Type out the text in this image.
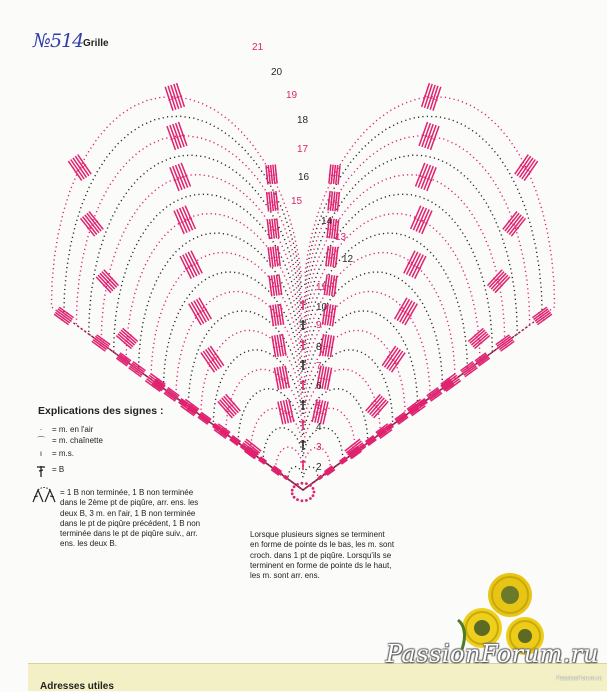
№514 Grille	21
20
19
18
17
16
15
14
13
12
11
10
9
8
7
6
5
4
3
2
Explications des signes :
·	= m. en l'air
⌒ = m. chaînette
ı	= m.s.
= B
= 1 B non terminée, 1 B non terminée dans le 2ème pt de piqûre, arr. ens. les deux B, 3 m. en l'air, 1 B non terminée dans le pt de piqûre précédent, 1 B non terminée dans le pt de piqûre suiv., arr. ens. les deux B.
Lorsque plusieurs signes se terminent en forme de pointe ds le bas, les m. sont croch. dans 1 pt de piqûre. Lorsqu'ils se terminent en forme de pointe ds le haut, les m. sont arr. ens.
Adresses utiles
PassionForum.ru
PassionForum.ru
